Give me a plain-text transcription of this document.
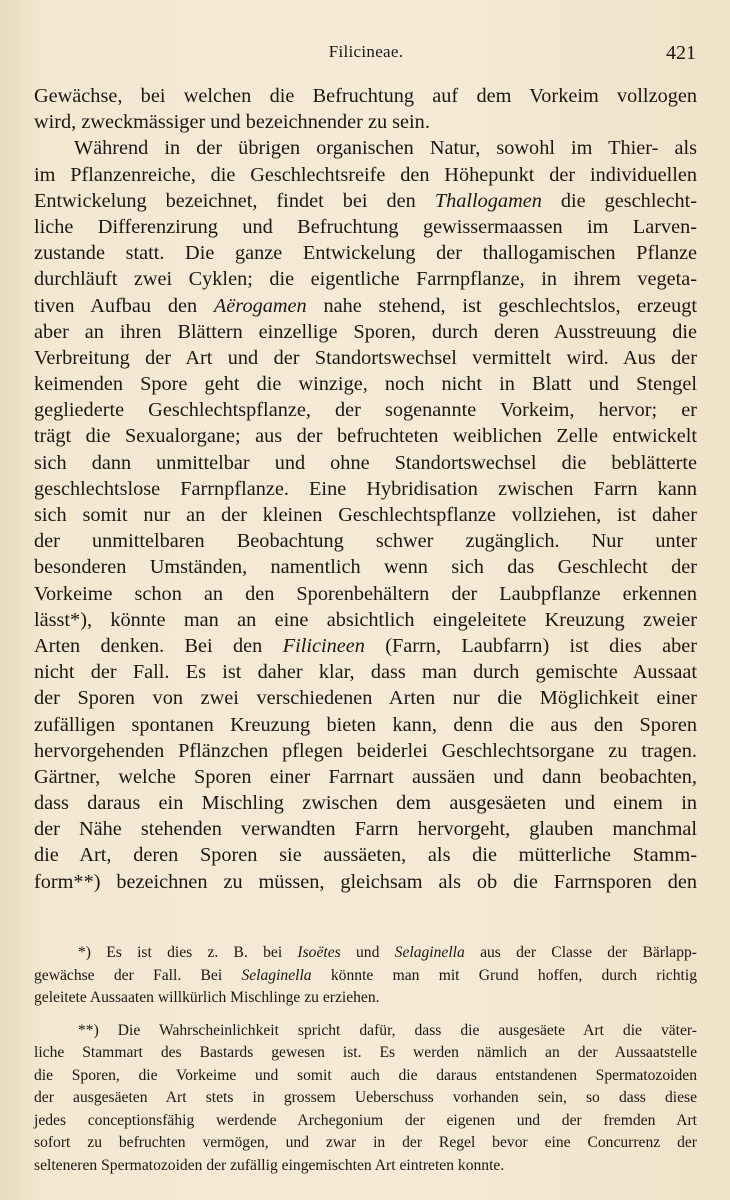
Filicineae.	421
Gewächse, bei welchen die Befruchtung auf dem Vorkeim vollzogen
wird, zweckmässiger und bezeichnender zu sein.
Während in der übrigen organischen Natur, sowohl im Thier- als
im Pflanzenreiche, die Geschlechtsreife den Höhepunkt der individuellen
Entwickelung bezeichnet, findet bei den Thallogamen die geschlecht-
liche Differenzirung und Befruchtung gewissermaassen im Larven-
zustande statt. Die ganze Entwickelung der thallogamischen Pflanze
durchläuft zwei Cyklen; die eigentliche Farrnpflanze, in ihrem vegeta-
tiven Aufbau den Aërogamen nahe stehend, ist geschlechtslos, erzeugt
aber an ihren Blättern einzellige Sporen, durch deren Ausstreuung die
Verbreitung der Art und der Standortswechsel vermittelt wird. Aus der
keimenden Spore geht die winzige, noch nicht in Blatt und Stengel
gegliederte Geschlechtspflanze, der sogenannte Vorkeim, hervor; er
trägt die Sexualorgane; aus der befruchteten weiblichen Zelle entwickelt
sich dann unmittelbar und ohne Standortswechsel die beblätterte
geschlechtslose Farrnpflanze. Eine Hybridisation zwischen Farrn kann
sich somit nur an der kleinen Geschlechtspflanze vollziehen, ist daher
der unmittelbaren Beobachtung schwer zugänglich. Nur unter
besonderen Umständen, namentlich wenn sich das Geschlecht der
Vorkeime schon an den Sporenbehältern der Laubpflanze erkennen
lässt*), könnte man an eine absichtlich eingeleitete Kreuzung zweier
Arten denken. Bei den Filicineen (Farrn, Laubfarrn) ist dies aber
nicht der Fall. Es ist daher klar, dass man durch gemischte Aussaat
der Sporen von zwei verschiedenen Arten nur die Möglichkeit einer
zufälligen spontanen Kreuzung bieten kann, denn die aus den Sporen
hervorgehenden Pflänzchen pflegen beiderlei Geschlechtsorgane zu tragen.
Gärtner, welche Sporen einer Farrnart aussäen und dann beobachten,
dass daraus ein Mischling zwischen dem ausgesäeten und einem in
der Nähe stehenden verwandten Farrn hervorgeht, glauben manchmal
die Art, deren Sporen sie aussäeten, als die mütterliche Stamm-
form**) bezeichnen zu müssen, gleichsam als ob die Farrnsporen den
*) Es ist dies z. B. bei Isoëtes und Selaginella aus der Classe der Bärlapp-
gewächse der Fall. Bei Selaginella könnte man mit Grund hoffen, durch richtig
geleitete Aussaaten willkürlich Mischlinge zu erziehen.
**) Die Wahrscheinlichkeit spricht dafür, dass die ausgesäete Art die väter-
liche Stammart des Bastards gewesen ist. Es werden nämlich an der Aussaatstelle
die Sporen, die Vorkeime und somit auch die daraus entstandenen Spermatozoiden
der ausgesäeten Art stets in grossem Ueberschuss vorhanden sein, so dass diese
jedes conceptionsfähig werdende Archegonium der eigenen und der fremden Art
sofort zu befruchten vermögen, und zwar in der Regel bevor eine Concurrenz der
selteneren Spermatozoiden der zufällig eingemischten Art eintreten konnte.
